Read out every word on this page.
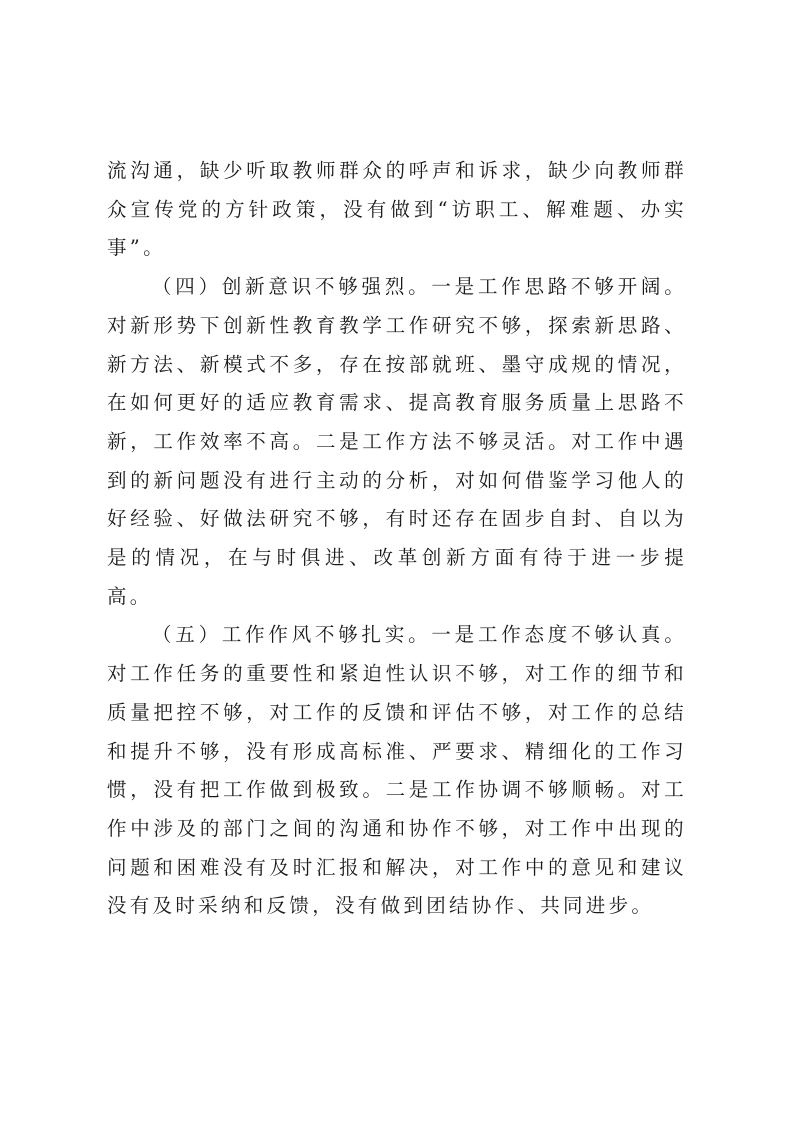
流沟通，缺少听取教师群众的呼声和诉求，缺少向教师群众宣传党的方针政策，没有做到“访职工、解难题、办实事”。

（四）创新意识不够强烈。一是工作思路不够开阔。对新形势下创新性教育教学工作研究不够，探索新思路、新方法、新模式不多，存在按部就班、墨守成规的情况，在如何更好的适应教育需求、提高教育服务质量上思路不新，工作效率不高。二是工作方法不够灵活。对工作中遇到的新问题没有进行主动的分析，对如何借鉴学习他人的好经验、好做法研究不够，有时还存在固步自封、自以为是的情况，在与时俱进、改革创新方面有待于进一步提高。

（五）工作作风不够扎实。一是工作态度不够认真。对工作任务的重要性和紧迫性认识不够，对工作的细节和质量把控不够，对工作的反馈和评估不够，对工作的总结和提升不够，没有形成高标准、严要求、精细化的工作习惯，没有把工作做到极致。二是工作协调不够顺畅。对工作中涉及的部门之间的沟通和协作不够，对工作中出现的问题和困难没有及时汇报和解决，对工作中的意见和建议没有及时采纳和反馈，没有做到团结协作、共同进步。
